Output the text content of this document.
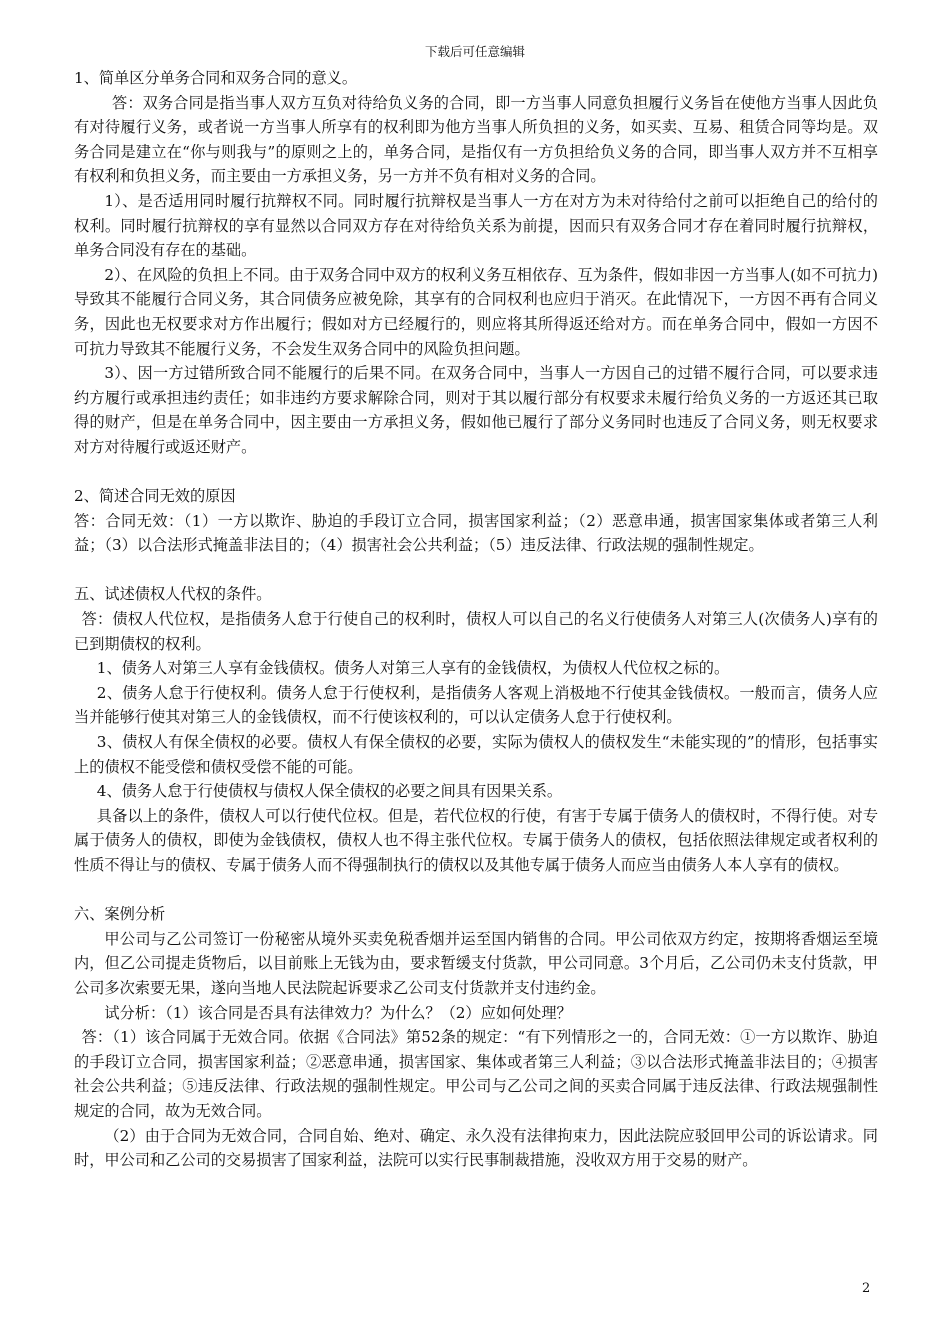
下载后可任意编辑

1、简单区分单务合同和双务合同的意义。

答：双务合同是指当事人双方互负对待给负义务的合同，即一方当事人同意负担履行义务旨在使他方当事人因此负有对待履行义务，或者说一方当事人所享有的权利即为他方当事人所负担的义务，如买卖、互易、租赁合同等均是。双务合同是建立在“你与则我与”的原则之上的，单务合同，是指仅有一方负担给负义务的合同，即当事人双方并不互相享有权利和负担义务，而主要由一方承担义务，另一方并不负有相对义务的合同。

1）、是否适用同时履行抗辩权不同。同时履行抗辩权是当事人一方在对方为未对待给付之前可以拒绝自己的给付的权利。同时履行抗辩权的享有显然以合同双方存在对待给负关系为前提，因而只有双务合同才存在着同时履行抗辩权，单务合同没有存在的基础。

2）、在风险的负担上不同。由于双务合同中双方的权利义务互相依存、互为条件，假如非因一方当事人(如不可抗力)导致其不能履行合同义务，其合同债务应被免除，其享有的合同权利也应归于消灭。在此情况下，一方因不再有合同义务，因此也无权要求对方作出履行；假如对方已经履行的，则应将其所得返还给对方。而在单务合同中，假如一方因不可抗力导致其不能履行义务，不会发生双务合同中的风险负担问题。

3）、因一方过错所致合同不能履行的后果不同。在双务合同中，当事人一方因自己的过错不履行合同，可以要求违约方履行或承担违约责任；如非违约方要求解除合同，则对于其以履行部分有权要求未履行给负义务的一方返还其已取得的财产，但是在单务合同中，因主要由一方承担义务，假如他已履行了部分义务同时也违反了合同义务，则无权要求对方对待履行或返还财产。

2、简述合同无效的原因

答：合同无效：（1）一方以欺诈、胁迫的手段订立合同，损害国家利益；（2）恶意串通，损害国家集体或者第三人利益；（3）以合法形式掩盖非法目的；（4）损害社会公共利益；（5）违反法律、行政法规的强制性规定。

五、试述债权人代权的条件。

答：债权人代位权，是指债务人怠于行使自己的权利时，债权人可以自己的名义行使债务人对第三人(次债务人)享有的已到期债权的权利。

1、债务人对第三人享有金钱债权。债务人对第三人享有的金钱债权，为债权人代位权之标的。

2、债务人怠于行使权利。债务人怠于行使权利，是指债务人客观上消极地不行使其金钱债权。一般而言，债务人应当并能够行使其对第三人的金钱债权，而不行使该权利的，可以认定债务人怠于行使权利。

3、债权人有保全债权的必要。债权人有保全债权的必要，实际为债权人的债权发生“未能实现的”的情形，包括事实上的债权不能受偿和债权受偿不能的可能。

4、债务人怠于行使债权与债权人保全债权的必要之间具有因果关系。

具备以上的条件，债权人可以行使代位权。但是，若代位权的行使，有害于专属于债务人的债权时，不得行使。对专属于债务人的债权，即使为金钱债权，债权人也不得主张代位权。专属于债务人的债权，包括依照法律规定或者权利的性质不得让与的债权、专属于债务人而不得强制执行的债权以及其他专属于债务人而应当由债务人本人享有的债权。

六、案例分析

甲公司与乙公司签订一份秘密从境外买卖免税香烟并运至国内销售的合同。甲公司依双方约定，按期将香烟运至境内，但乙公司提走货物后，以目前账上无钱为由，要求暂缓支付货款，甲公司同意。3个月后，乙公司仍未支付货款，甲公司多次索要无果，遂向当地人民法院起诉要求乙公司支付货款并支付违约金。

试分析：（1）该合同是否具有法律效力？为什么？（2）应如何处理？

答：（1）该合同属于无效合同。依据《合同法》第52条的规定：“有下列情形之一的，合同无效：①一方以欺诈、胁迫的手段订立合同，损害国家利益；②恶意串通，损害国家、集体或者第三人利益；③以合法形式掩盖非法目的；④损害社会公共利益；⑤违反法律、行政法规的强制性规定。甲公司与乙公司之间的买卖合同属于违反法律、行政法规强制性规定的合同，故为无效合同。

（2）由于合同为无效合同，合同自始、绝对、确定、永久没有法律拘束力，因此法院应驳回甲公司的诉讼请求。同时，甲公司和乙公司的交易损害了国家利益，法院可以实行民事制裁措施，没收双方用于交易的财产。

2
